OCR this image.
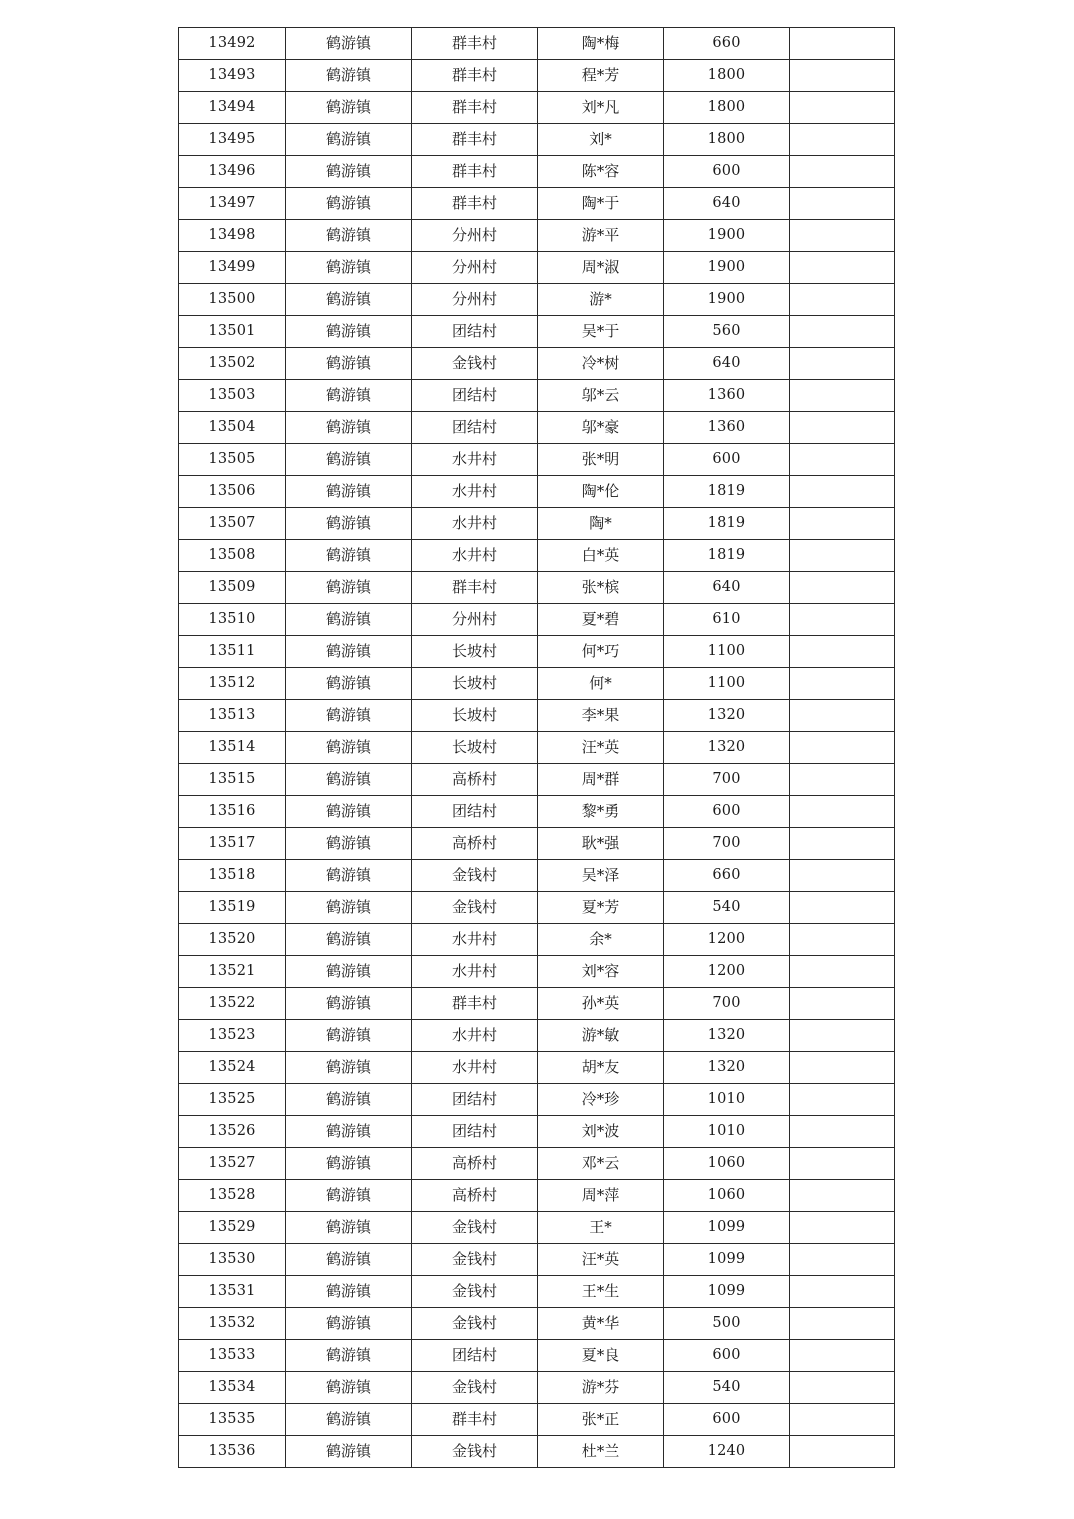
13492	鹤游镇	群丰村	陶*梅	660	
13493	鹤游镇	群丰村	程*芳	1800	
13494	鹤游镇	群丰村	刘*凡	1800	
13495	鹤游镇	群丰村	刘*	1800	
13496	鹤游镇	群丰村	陈*容	600	
13497	鹤游镇	群丰村	陶*于	640	
13498	鹤游镇	分州村	游*平	1900	
13499	鹤游镇	分州村	周*淑	1900	
13500	鹤游镇	分州村	游*	1900	
13501	鹤游镇	团结村	吴*于	560	
13502	鹤游镇	金钱村	冷*树	640	
13503	鹤游镇	团结村	邬*云	1360	
13504	鹤游镇	团结村	邬*豪	1360	
13505	鹤游镇	水井村	张*明	600	
13506	鹤游镇	水井村	陶*伦	1819	
13507	鹤游镇	水井村	陶*	1819	
13508	鹤游镇	水井村	白*英	1819	
13509	鹤游镇	群丰村	张*槟	640	
13510	鹤游镇	分州村	夏*碧	610	
13511	鹤游镇	长坡村	何*巧	1100	
13512	鹤游镇	长坡村	何*	1100	
13513	鹤游镇	长坡村	李*果	1320	
13514	鹤游镇	长坡村	汪*英	1320	
13515	鹤游镇	高桥村	周*群	700	
13516	鹤游镇	团结村	黎*勇	600	
13517	鹤游镇	高桥村	耿*强	700	
13518	鹤游镇	金钱村	吴*泽	660	
13519	鹤游镇	金钱村	夏*芳	540	
13520	鹤游镇	水井村	余*	1200	
13521	鹤游镇	水井村	刘*容	1200	
13522	鹤游镇	群丰村	孙*英	700	
13523	鹤游镇	水井村	游*敏	1320	
13524	鹤游镇	水井村	胡*友	1320	
13525	鹤游镇	团结村	冷*珍	1010	
13526	鹤游镇	团结村	刘*波	1010	
13527	鹤游镇	高桥村	邓*云	1060	
13528	鹤游镇	高桥村	周*萍	1060	
13529	鹤游镇	金钱村	王*	1099	
13530	鹤游镇	金钱村	汪*英	1099	
13531	鹤游镇	金钱村	王*生	1099	
13532	鹤游镇	金钱村	黄*华	500	
13533	鹤游镇	团结村	夏*良	600	
13534	鹤游镇	金钱村	游*芬	540	
13535	鹤游镇	群丰村	张*正	600	
13536	鹤游镇	金钱村	杜*兰	1240	
